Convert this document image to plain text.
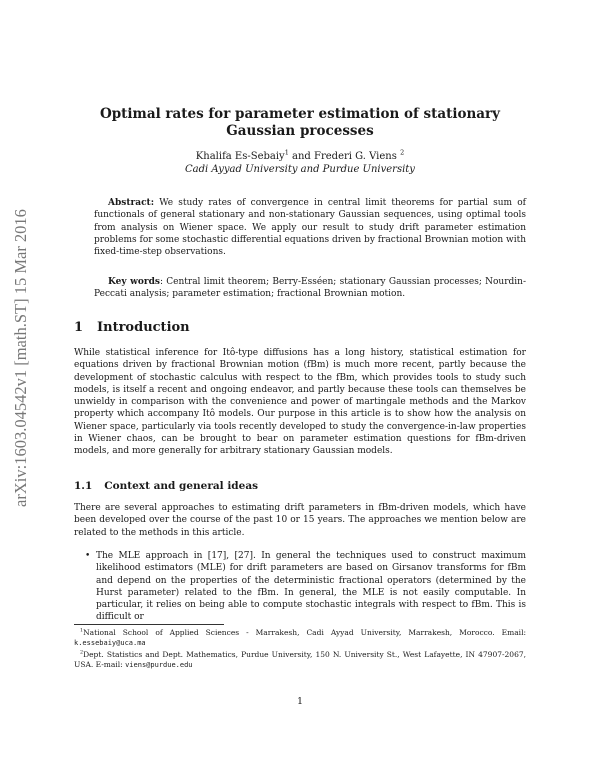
arXiv:1603.04542v1 [math.ST] 15 Mar 2016
Optimal rates for parameter estimation of stationary Gaussian processes
Khalifa Es-Sebaiy$^1$ and Frederi G. Viens $^2$
Cadi Ayyad University and Purdue University

Abstract: We study rates of convergence in central limit theorems for partial sum of functionals of general stationary and non-stationary Gaussian sequences, using optimal tools from analysis on Wiener space. We apply our result to study drift parameter estimation problems for some stochastic differential equations driven by fractional Brownian motion with fixed-time-step observations.

Key words: Central limit theorem; Berry-Esséen; stationary Gaussian processes; Nourdin-Peccati analysis; parameter estimation; fractional Brownian motion.

1 Introduction

While statistical inference for Itô-type diffusions has a long history, statistical estimation for equations driven by fractional Brownian motion (fBm) is much more recent, partly because the development of stochastic calculus with respect to the fBm, which provides tools to study such models, is itself a recent and ongoing endeavor, and partly because these tools can themselves be unwieldy in comparison with the convenience and power of martingale methods and the Markov property which accompany Itô models. Our purpose in this article is to show how the analysis on Wiener space, particularly via tools recently developed to study the convergence-in-law properties in Wiener chaos, can be brought to bear on parameter estimation questions for fBm-driven models, and more generally for arbitrary stationary Gaussian models.

1.1 Context and general ideas

There are several approaches to estimating drift parameters in fBm-driven models, which have been developed over the course of the past 10 or 15 years. The approaches we mention below are related to the methods in this article.

• The MLE approach in [17], [27]. In general the techniques used to construct maximum likelihood estimators (MLE) for drift parameters are based on Girsanov transforms for fBm and depend on the properties of the deterministic fractional operators (determined by the Hurst parameter) related to the fBm. In general, the MLE is not easily computable. In particular, it relies on being able to compute stochastic integrals with respect to fBm. This is difficult or

$^1$National School of Applied Sciences - Marrakesh, Cadi Ayyad University, Marrakesh, Morocco. Email: k.essebaiy@uca.ma

$^2$Dept. Statistics and Dept. Mathematics, Purdue University, 150 N. University St., West Lafayette, IN 47907-2067, USA. E-mail: viens@purdue.edu

1
